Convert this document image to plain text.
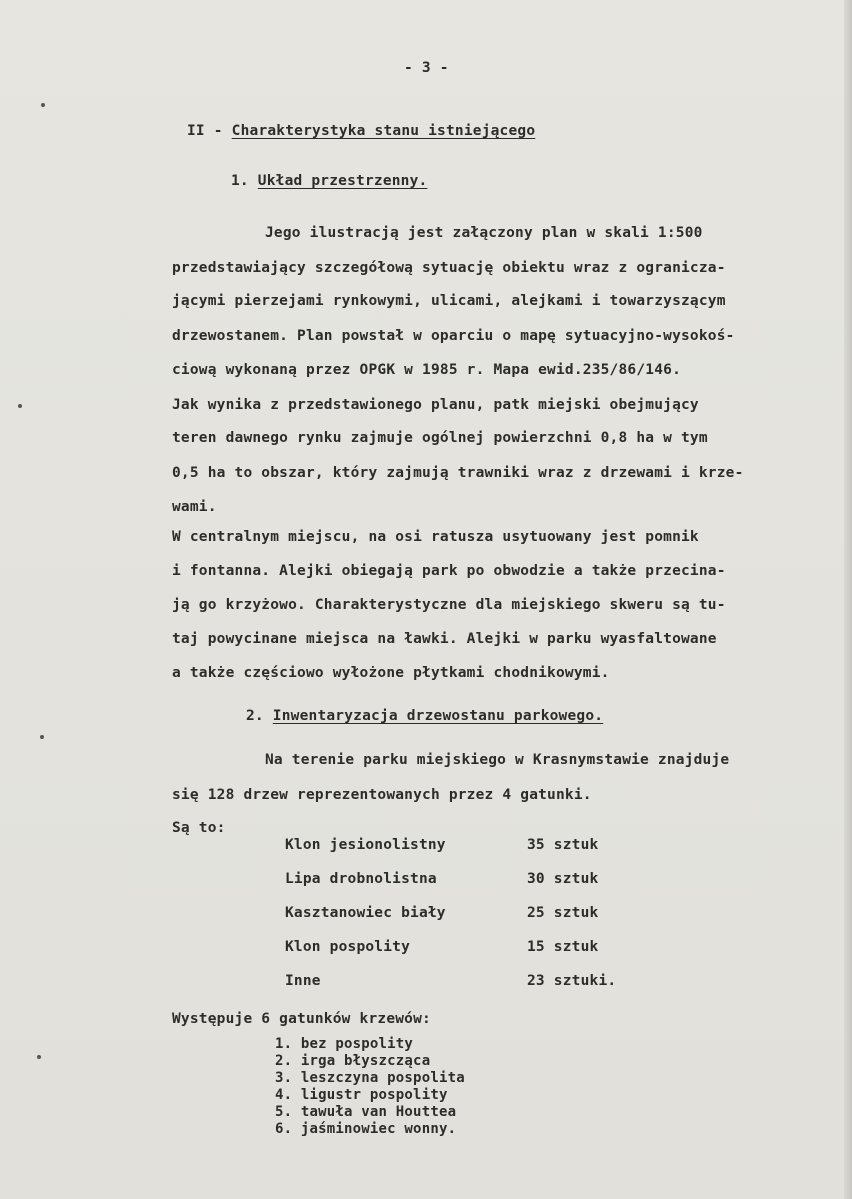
- 3 -
II - Charakterystyka stanu istniejącego
1. Układ przestrzenny.
Jego ilustracją jest załączony plan w skali 1:500
przedstawiający szczegółową sytuację obiektu wraz z ogranicza-
jącymi pierzejami rynkowymi, ulicami, alejkami i towarzyszącym
drzewostanem. Plan powstał w oparciu o mapę sytuacyjno-wysokoś-
ciową wykonaną przez OPGK w 1985 r. Mapa ewid.235/86/146.
Jak wynika z przedstawionego planu, patk miejski obejmujący
teren dawnego rynku zajmuje ogólnej powierzchni 0,8 ha w tym
0,5 ha to obszar, który zajmują trawniki wraz z drzewami i krze-
wami.
W centralnym miejscu, na osi ratusza usytuowany jest pomnik
i fontanna. Alejki obiegają park po obwodzie a także przecina-
ją go krzyżowo. Charakterystyczne dla miejskiego skweru są tu-
taj powycinane miejsca na ławki. Alejki w parku wyasfaltowane
a także częściowo wyłożone płytkami chodnikowymi.
2. Inwentaryzacja drzewostanu parkowego.
Na terenie parku miejskiego w Krasnymstawie znajduje
się 128 drzew reprezentowanych przez 4 gatunki.
Są to:
Klon jesionolistny	35 sztuk
Lipa drobnolistna	30 sztuk
Kasztanowiec biały	25 sztuk
Klon pospolity	15 sztuk
Inne	23 sztuki.
Występuje 6 gatunków krzewów:
1. bez pospolity
2. irga błyszcząca
3. leszczyna pospolita
4. ligustr pospolity
5. tawuła van Houttea
6. jaśminowiec wonny.
